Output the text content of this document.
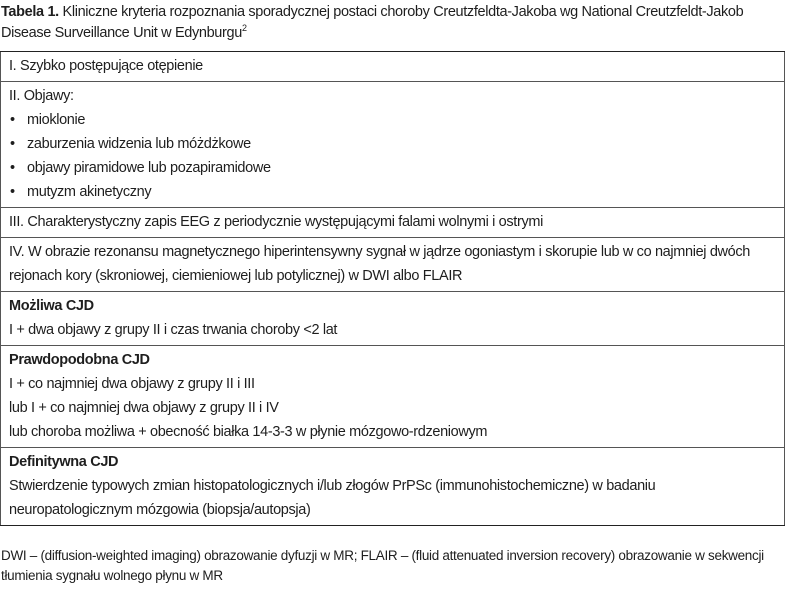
Tabela 1. Kliniczne kryteria rozpoznania sporadycznej postaci choroby Creutzfeldta-Jakoba wg National Creutzfeldt-Jakob Disease Surveillance Unit w Edynburgu$^2$
I. Szybko postępujące otępienie
II. Objawy:
• mioklonie
• zaburzenia widzenia lub móżdżkowe
• objawy piramidowe lub pozapiramidowe
• mutyzm akinetyczny
III. Charakterystyczny zapis EEG z periodycznie występującymi falami wolnymi i ostrymi
IV. W obrazie rezonansu magnetycznego hiperintensywny sygnał w jądrze ogoniastym i skorupie lub w co najmniej dwóch rejonach kory (skroniowej, ciemieniowej lub potylicznej) w DWI albo FLAIR
Możliwa CJD
I + dwa objawy z grupy II i czas trwania choroby <2 lat
Prawdopodobna CJD
I + co najmniej dwa objawy z grupy II i III
lub I + co najmniej dwa objawy z grupy II i IV
lub choroba możliwa + obecność białka 14-3-3 w płynie mózgowo-rdzeniowym
Definitywna CJD
Stwierdzenie typowych zmian histopatologicznych i/lub złogów PrPSc (immunohistochemiczne) w badaniu neuropatologicznym mózgowia (biopsja/autopsja)
DWI – (diffusion-weighted imaging) obrazowanie dyfuzji w MR; FLAIR – (fluid attenuated inversion recovery) obrazowanie w sekwencji tłumienia sygnału wolnego płynu w MR
